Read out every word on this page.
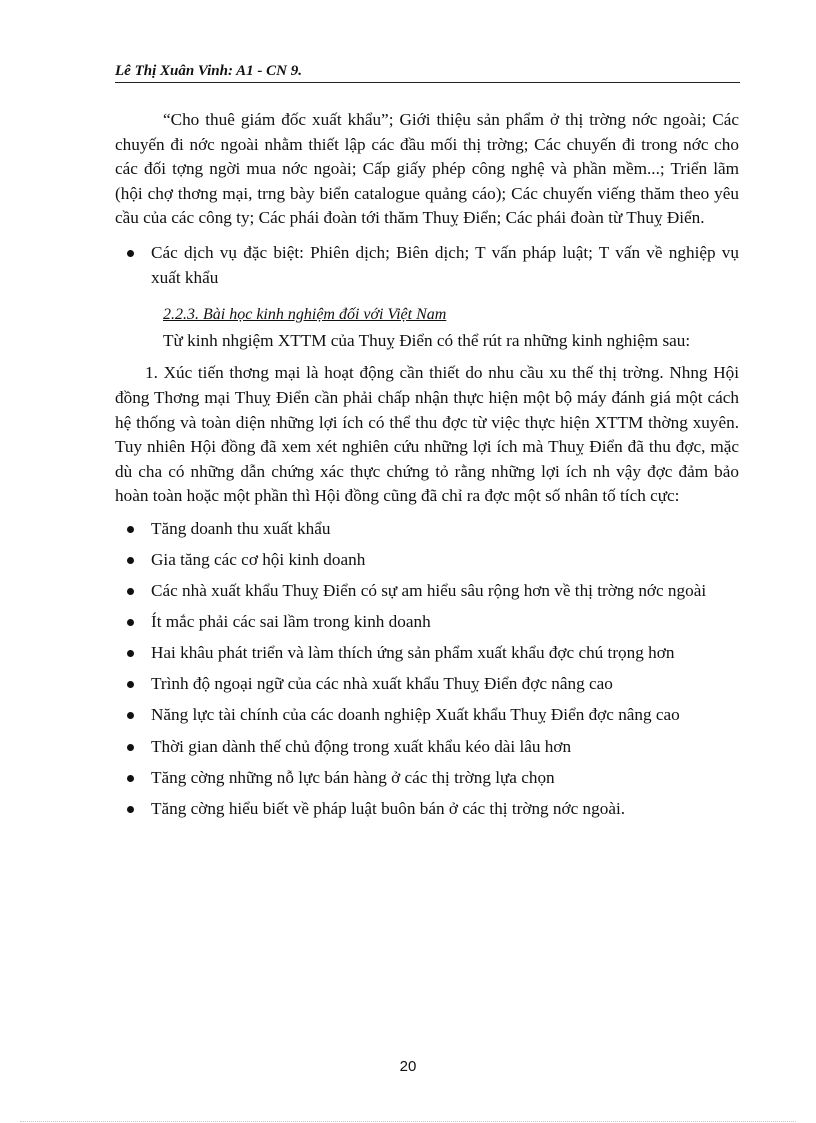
Lê Thị Xuân Vinh: A1 - CN 9.

“Cho thuê giám đốc xuất khẩu”; Giới thiệu sản phẩm ở thị trờng nớc ngoài; Các chuyến đi nớc ngoài nhằm thiết lập các đầu mối thị trờng; Các chuyến đi trong nớc cho các đối tợng ngời mua nớc ngoài; Cấp giấy phép công nghệ và phần mềm...; Triển lãm (hội chợ thơng mại, trng bày biển catalogue quảng cáo); Các chuyến viếng thăm theo yêu cầu của các công ty; Các phái đoàn tới thăm Thuỵ Điển; Các phái đoàn từ Thuỵ Điển.

Các dịch vụ đặc biệt: Phiên dịch; Biên dịch; T vấn pháp luật; T vấn về nghiệp vụ xuất khẩu
2.2.3. Bài học kinh nghiệm đối với Việt Nam

Từ kinh nhgiệm XTTM của Thuỵ Điển có thể rút ra những kinh nghiệm sau:

1. Xúc tiến thơng mại là hoạt động cần thiết do nhu cầu xu thế thị trờng. Nhng Hội đồng Thơng mại Thuỵ Điển cần phải chấp nhận thực hiện một bộ máy đánh giá một cách hệ thống và toàn diện những lợi ích có thể thu đợc từ việc thực hiện XTTM thờng xuyên. Tuy nhiên Hội đồng đã xem xét nghiên cứu những lợi ích mà Thuỵ Điển đã thu đợc, mặc dù cha có những dẫn chứng xác thực chứng tỏ rằng những lợi ích nh vậy đợc đảm bảo hoàn toàn hoặc một phần thì Hội đồng cũng đã chỉ ra đợc một số nhân tố tích cực:

Tăng doanh thu xuất khẩu
Gia tăng các cơ hội kinh doanh
Các nhà xuất khẩu Thuỵ Điển có sự am hiểu sâu rộng hơn về thị trờng nớc ngoài
Ít mắc phải các sai lầm trong kinh doanh
Hai khâu phát triển và làm thích ứng sản phẩm xuất khẩu đợc chú trọng hơn
Trình độ ngoại ngữ của các nhà xuất khẩu Thuỵ Điển đợc nâng cao
Năng lực tài chính của các doanh nghiệp Xuất khẩu Thuỵ Điển đợc nâng cao
Thời gian dành thế chủ động trong xuất khẩu kéo dài lâu hơn
Tăng cờng những nỗ lực bán hàng ở các thị trờng lựa chọn
Tăng cờng hiểu biết về pháp luật buôn bán ở các thị trờng nớc ngoài.
20
